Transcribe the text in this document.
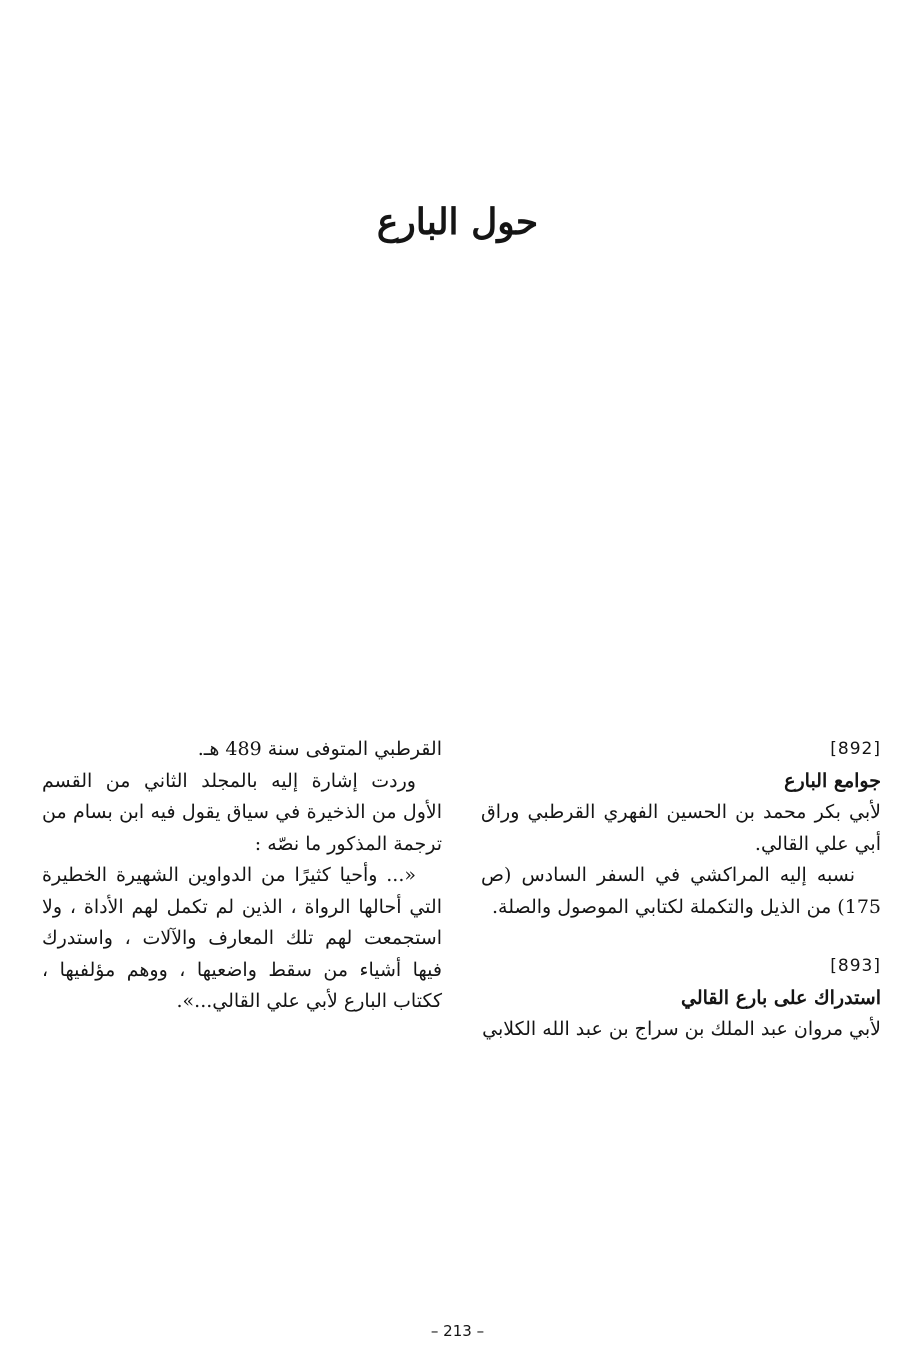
حول البارع
[892]
جوامع البارع
لأبي بكر محمد بن الحسين الفهري القرطبي وراق أبي علي القالي.
نسبه إليه المراكشي في السفر السادس (ص 175) من الذيل والتكملة لكتابي الموصول والصلة.
[893]
استدراك على بارع القالي
لأبي مروان عبد الملك بن سراج بن عبد الله الكلابي
القرطبي المتوفى سنة 489 هـ.
وردت إشارة إليه بالمجلد الثاني من القسم الأول من الذخيرة في سياق يقول فيه ابن بسام من ترجمة المذكور ما نصّه :
«... وأحيا كثيرًا من الدواوين الشهيرة الخطيرة التي أحالها الرواة ، الذين لم تكمل لهم الأداة ، ولا استجمعت لهم تلك المعارف والآلات ، واستدرك فيها أشياء من سقط واضعيها ، ووهم مؤلفيها ، ككتاب البارع لأبي علي القالي...».
– 213 –
